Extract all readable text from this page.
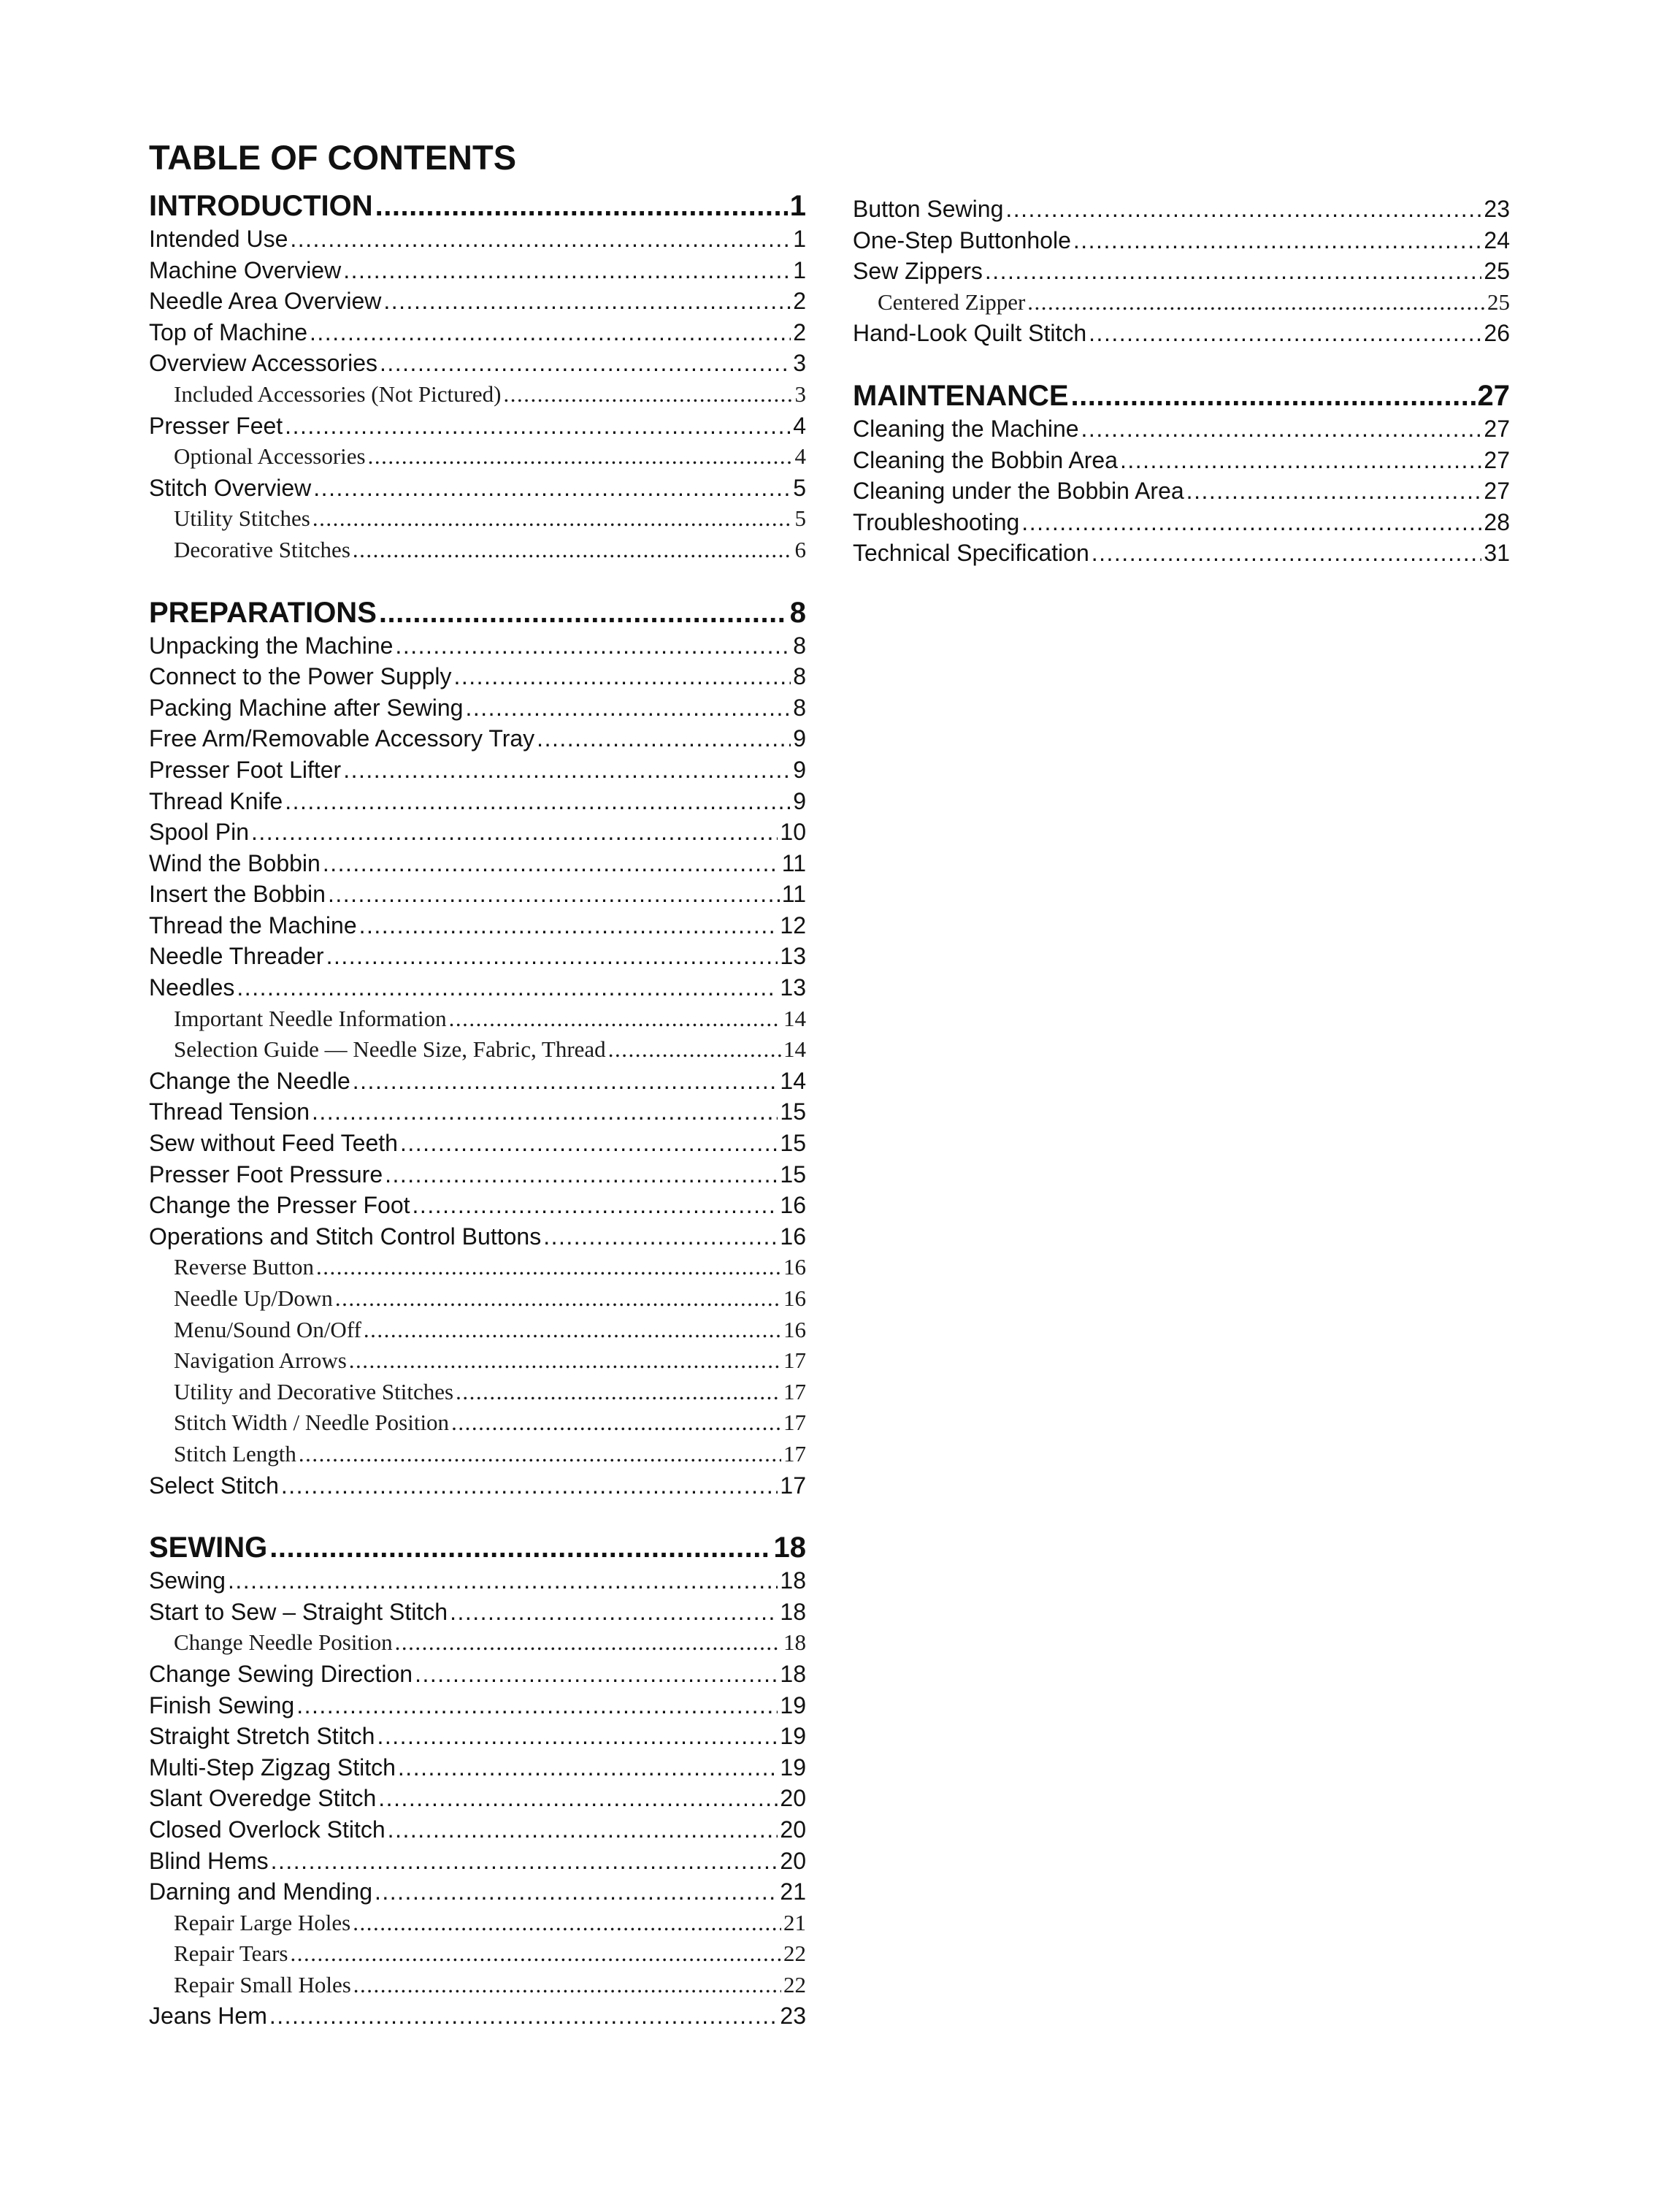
TABLE OF CONTENTS
INTRODUCTION .....	1
Intended Use .....	1
Machine Overview .....	1
Needle Area Overview .....	2
Top of Machine .....	2
Overview Accessories .....	3
Included Accessories (Not Pictured) .....	3
Presser Feet .....	4
Optional Accessories .....	4
Stitch Overview .....	5
Utility Stitches .....	5
Decorative Stitches .....	6
PREPARATIONS .....	8
Unpacking the Machine .....	8
Connect to the Power Supply .....	8
Packing Machine after Sewing .....	8
Free Arm/Removable Accessory Tray .....	9
Presser Foot Lifter .....	9
Thread Knife .....	9
Spool Pin .....	10
Wind the Bobbin .....	11
Insert the Bobbin .....	11
Thread the Machine .....	12
Needle Threader .....	13
Needles .....	13
Important Needle Information .....	14
Selection Guide — Needle Size, Fabric, Thread .....	14
Change the Needle .....	14
Thread Tension .....	15
Sew without Feed Teeth .....	15
Presser Foot Pressure .....	15
Change the Presser Foot .....	16
Operations and Stitch Control Buttons .....	16
Reverse Button .....	16
Needle Up/Down .....	16
Menu/Sound On/Off .....	16
Navigation Arrows .....	17
Utility and Decorative Stitches .....	17
Stitch Width / Needle Position .....	17
Stitch Length .....	17
Select Stitch .....	17
SEWING .....	18
Sewing .....	18
Start to Sew – Straight Stitch .....	18
Change Needle Position .....	18
Change Sewing Direction .....	18
Finish Sewing .....	19
Straight Stretch Stitch .....	19
Multi-Step Zigzag Stitch .....	19
Slant Overedge Stitch .....	20
Closed Overlock Stitch .....	20
Blind Hems .....	20
Darning and Mending .....	21
Repair Large Holes .....	21
Repair Tears .....	22
Repair Small Holes .....	22
Jeans Hem .....	23
Button Sewing .....	23
One-Step Buttonhole .....	24
Sew Zippers .....	25
Centered Zipper .....	25
Hand-Look Quilt Stitch .....	26
MAINTENANCE .....	27
Cleaning the Machine .....	27
Cleaning the Bobbin Area .....	27
Cleaning under the Bobbin Area .....	27
Troubleshooting .....	28
Technical Specification .....	31
